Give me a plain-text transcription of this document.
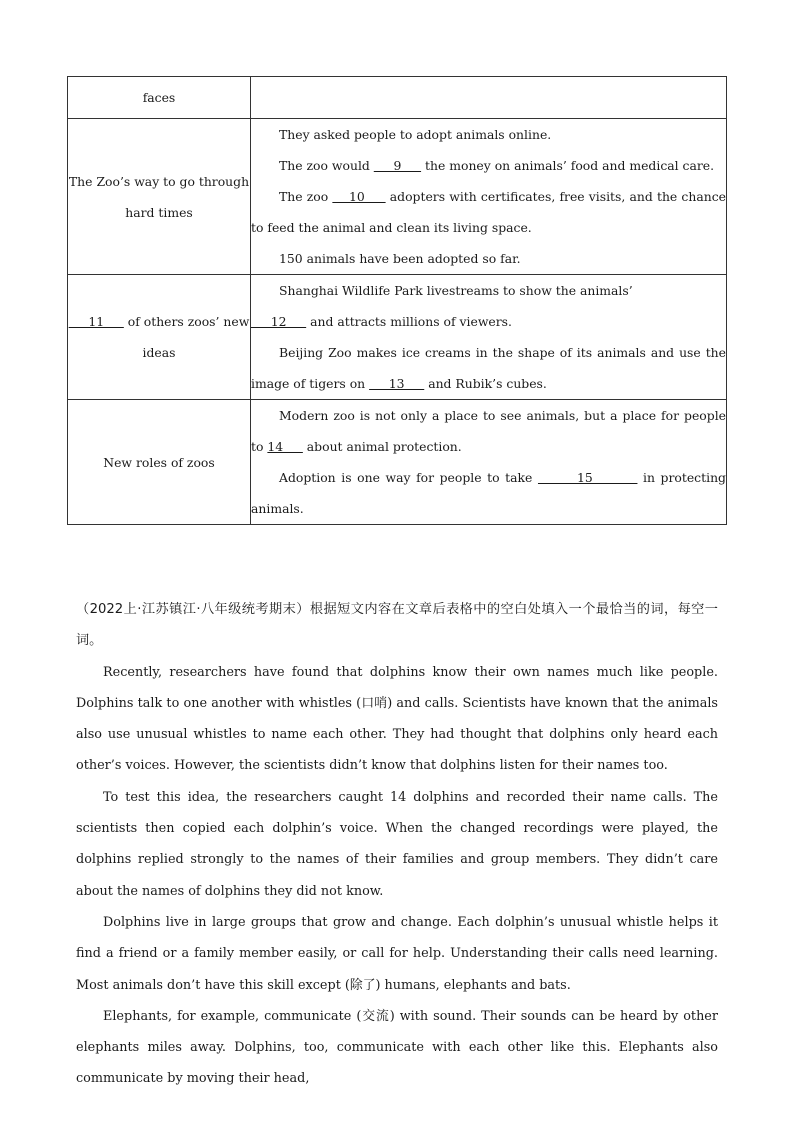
faces	
The Zoo’s way to go through hard times	They asked people to adopt animals online.

The zoo would      9      the money on animals’ food and medical care.

The zoo     10      adopters with certificates, free visits, and the chance to feed the animal and clean its living space.

150 animals have been adopted so far.

11      of others zoos’ new ideas	Shanghai Wildlife Park livestreams to show the animals’
12      and attracts millions of viewers.

Beijing Zoo makes ice creams in the shape of its animals and use the image of tigers on      13      and Rubik’s cubes.

New roles of zoos	Modern zoo is not only a place to see animals, but a place for people to 14      about animal protection.

Adoption is one way for people to take        15         in protecting animals.

（2022上·江苏镇江·八年级统考期末）根据短文内容在文章后表格中的空白处填入一个最恰当的词，每空一词。

Recently, researchers have found that dolphins know their own names much like people. Dolphins talk to one another with whistles (口哨) and calls. Scientists have known that the animals also use unusual whistles to name each other. They had thought that dolphins only heard each other’s voices. However, the scientists didn’t know that dolphins listen for their names too.

To test this idea, the researchers caught 14 dolphins and recorded their name calls. The scientists then copied each dolphin’s voice. When the changed recordings were played, the dolphins replied strongly to the names of their families and group members. They didn’t care about the names of dolphins they did not know.

Dolphins live in large groups that grow and change. Each dolphin’s unusual whistle helps it find a friend or a family member easily, or call for help. Understanding their calls need learning. Most animals don’t have this skill except (除了) humans, elephants and bats.

Elephants, for example, communicate (交流) with sound. Their sounds can be heard by other elephants miles away. Dolphins, too, communicate with each other like this. Elephants also communicate by moving their head,
